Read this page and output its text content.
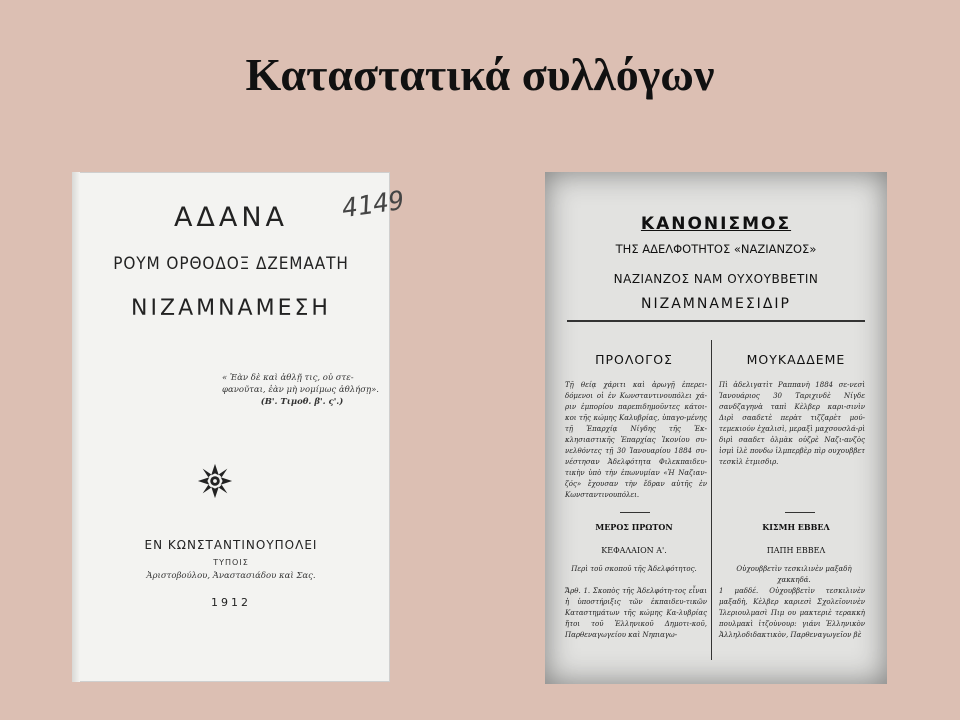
Καταστατικά συλλόγων
ΑΔΑΝΑ	4149
ΡΟΥΜ ΟΡΘΟΔΟΞ ΔΖΕΜΑΑΤΗ
ΝΙΖΑΜΝΑΜΕΣΗ
« Ἐὰν δὲ καὶ ἀθλῇ τις, οὐ στε-
φανοῦται, ἐὰν μὴ νομίμως ἀθλήσῃ».
(Β'. Τιμοθ. β'. ς'.)
ΕΝ ΚΩΝΣΤΑΝΤΙΝΟΥΠΟΛΕΙ
ΤΥΠΟΙΣ
Ἀριστοβούλου, Ἀναστασιάδου καὶ Σας.
1912
ΚΑΝΟΝΙΣΜΟΣ
ΤΗΣ ΑΔΕΛΦΟΤΗΤΟΣ «ΝΑΖΙΑΝΖΟΣ»
ΝΑΖΙΑΝΖΟΣ ΝΑΜ ΟΥΧΟΥΒΒΕΤΙΝ
ΝΙΖΑΜΝΑΜΕΣΙΔΙΡ
ΠΡΟΛΟΓΟΣ	ΜΟΥΚΑΔΔΕΜΕ
Τῇ θείᾳ χάριτι καὶ ἀρωγῇ ἐπερει-δόμενοι οἱ ἐν Κωνσταντινουπόλει χά-ριν ἐμπορίου παρεπιδημοῦντες κάτοι-κοι τῆς κώμης Καλυβρίας, ὑπαγο-μένης τῇ Ἐπαρχίᾳ Νίγδης τῆς Ἐκ-κλησιαστικῆς Ἐπαρχίας Ἰκονίου συ-νελθόντες τῇ 30 Ἰανουαρίου 1884 συ-νέστησαν Ἀδελφότητα Φιλεκπαιδευ-τικὴν ὑπὸ τὴν ἐπωνυμίαν «Ἡ Ναζιαν-ζός» ἔχουσαν τὴν ἕδραν αὐτῆς ἐν Κωνσταντινουπόλει.
Πὶ ἀδελιγατὶτ Ραππανὴ 1884 σε-νεσὶ Ἰανουάριος 30 Ταριχινδὲ Νίγδε σανδζαγηνὰ ταπὶ Κὲλβερ καρι-σινὶν Διρὶ σααδετὲ περὰτ τιζζαρὲτ μού-τεμεκιούν ἐχαλισὶ, μεραξὶ μαχσουσλά-ρὶ διρὶ σααδετ ὀλμὰκ οὐζρὲ Ναζι-ανζὸς ἰσμὶ ἰλὲ πονδω ἱλμπερβὲρ πὶρ ουχουββετ τεσκὶλ ἐτμισδιρ.
ΜΕΡΟΣ ΠΡΩΤΟΝ
ΚΕΦΑΛΑΙΟΝ Α'.
Περὶ τοῦ σκοποῦ τῆς Ἀδελφότητος.
Ἄρθ. 1. Σκοπὸς τῆς Ἀδελφότη-τος εἶναι ἡ ὑποστήριξις τῶν ἐκπαιδευ-τικῶν Καταστημάτων τῆς κώμης Κα-λυβρίας ἤτοι τοῦ Ἑλληνικοῦ Δημοτι-κοῦ, Παρθεναγωγείου καὶ Νηπιαγω-
ΚΙΣΜΗ ΕΒΒΕΛ
ΠΑΠΗ ΕΒΒΕΛ
Οὐχουββετὶν τεσκιλινὲν μαξαδὴ χακκηδά.
1 μαδδέ. Οὐχουββετὶν τεσκιλινὲν μαξαδὴ, Κὲλβερ καριεσὶ Σχολεῖονινὲν Ἰλεριουλμασὶ Πιμ ου μακτεριὲ τερακκὴ πουλμακὶ ἰτζοὺνουρ: γιάνι Ἑλληνικὸν Ἀλληλοδιδακτικὸν, Παρθεναγωγεῖον βὲ
